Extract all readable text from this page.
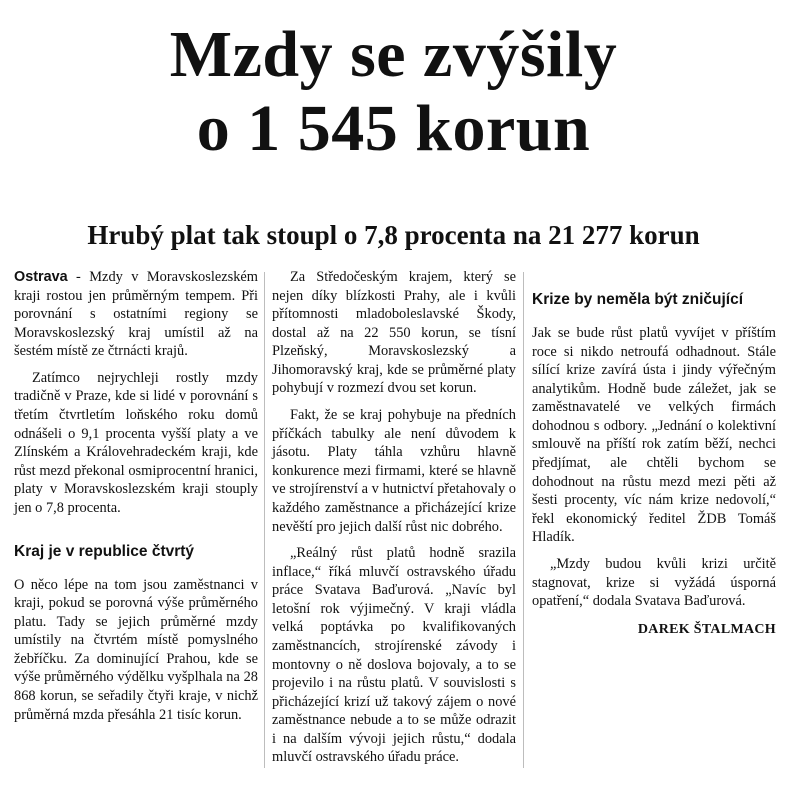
Mzdy se zvýšily
o 1 545 korun
Hrubý plat tak stoupl o 7,8 procenta na 21 277 korun

Ostrava - Mzdy v Moravskoslezském kraji rostou jen průměrným tempem. Při porovnání s ostatními regiony se Moravskoslezský kraj umístil až na šestém místě ze čtrnácti krajů.

Zatímco nejrychleji rostly mzdy tradičně v Praze, kde si lidé v porovnání s třetím čtvrtletím loňského roku domů odnášeli o 9,1 procenta vyšší platy a ve Zlínském a Královehradeckém kraji, kde růst mezd překonal osmiprocentní hranici, platy v Moravskoslezském kraji stouply jen o 7,8 procenta.

Kraj je v republice čtvrtý

O něco lépe na tom jsou zaměstnanci v kraji, pokud se porovná výše průměrného platu. Tady se jejich průměrné mzdy umístily na čtvrtém místě pomyslného žebříčku. Za dominující Prahou, kde se výše průměrného výdělku vyšplhala na 28 868 korun, se seřadily čtyři kraje, v nichž průměrná mzda přesáhla 21 tisíc korun.

Za Středočeským krajem, který se nejen díky blízkosti Prahy, ale i kvůli přítomnosti mladoboleslavské Škody, dostal až na 22 550 korun, se tísní Plzeňský, Moravskoslezský a Jihomoravský kraj, kde se průměrné platy pohybují v rozmezí dvou set korun.

Fakt, že se kraj pohybuje na předních příčkách tabulky ale není důvodem k jásotu. Platy táhla vzhůru hlavně konkurence mezi firmami, které se hlavně ve strojírenství a v hutnictví přetahovaly o každého zaměstnance a přicházející krize nevěští pro jejich další růst nic dobrého.

„Reálný růst platů hodně srazila inflace,“ říká mluvčí ostravského úřadu práce Svatava Baďurová. „Navíc byl letošní rok výjimečný. V kraji vládla velká poptávka po kvalifikovaných zaměstnancích, strojírenské závody i montovny o ně doslova bojovaly, a to se projevilo i na růstu platů. V souvislosti s přicházející krizí už takový zájem o nové zaměstnance nebude a to se může odrazit i na dalším vývoji jejich růstu,“ dodala mluvčí ostravského úřadu práce.

Krize by neměla být zničující

Jak se bude růst platů vyvíjet v příštím roce si nikdo netroufá odhadnout. Stále sílící krize zavírá ústa i jindy výřečným analytikům. Hodně bude záležet, jak se zaměstnavatelé ve velkých firmách dohodnou s odbory. „Jednání o kolektivní smlouvě na příští rok zatím běží, nechci předjímat, ale chtěli bychom se dohodnout na růstu mezd mezi pěti až šesti procenty, víc nám krize nedovolí,“ řekl ekonomický ředitel ŽDB Tomáš Hladík.

„Mzdy budou kvůli krizi určitě stagnovat, krize si vyžádá úsporná opatření,“ dodala Svatava Baďurová.

DAREK ŠTALMACH
